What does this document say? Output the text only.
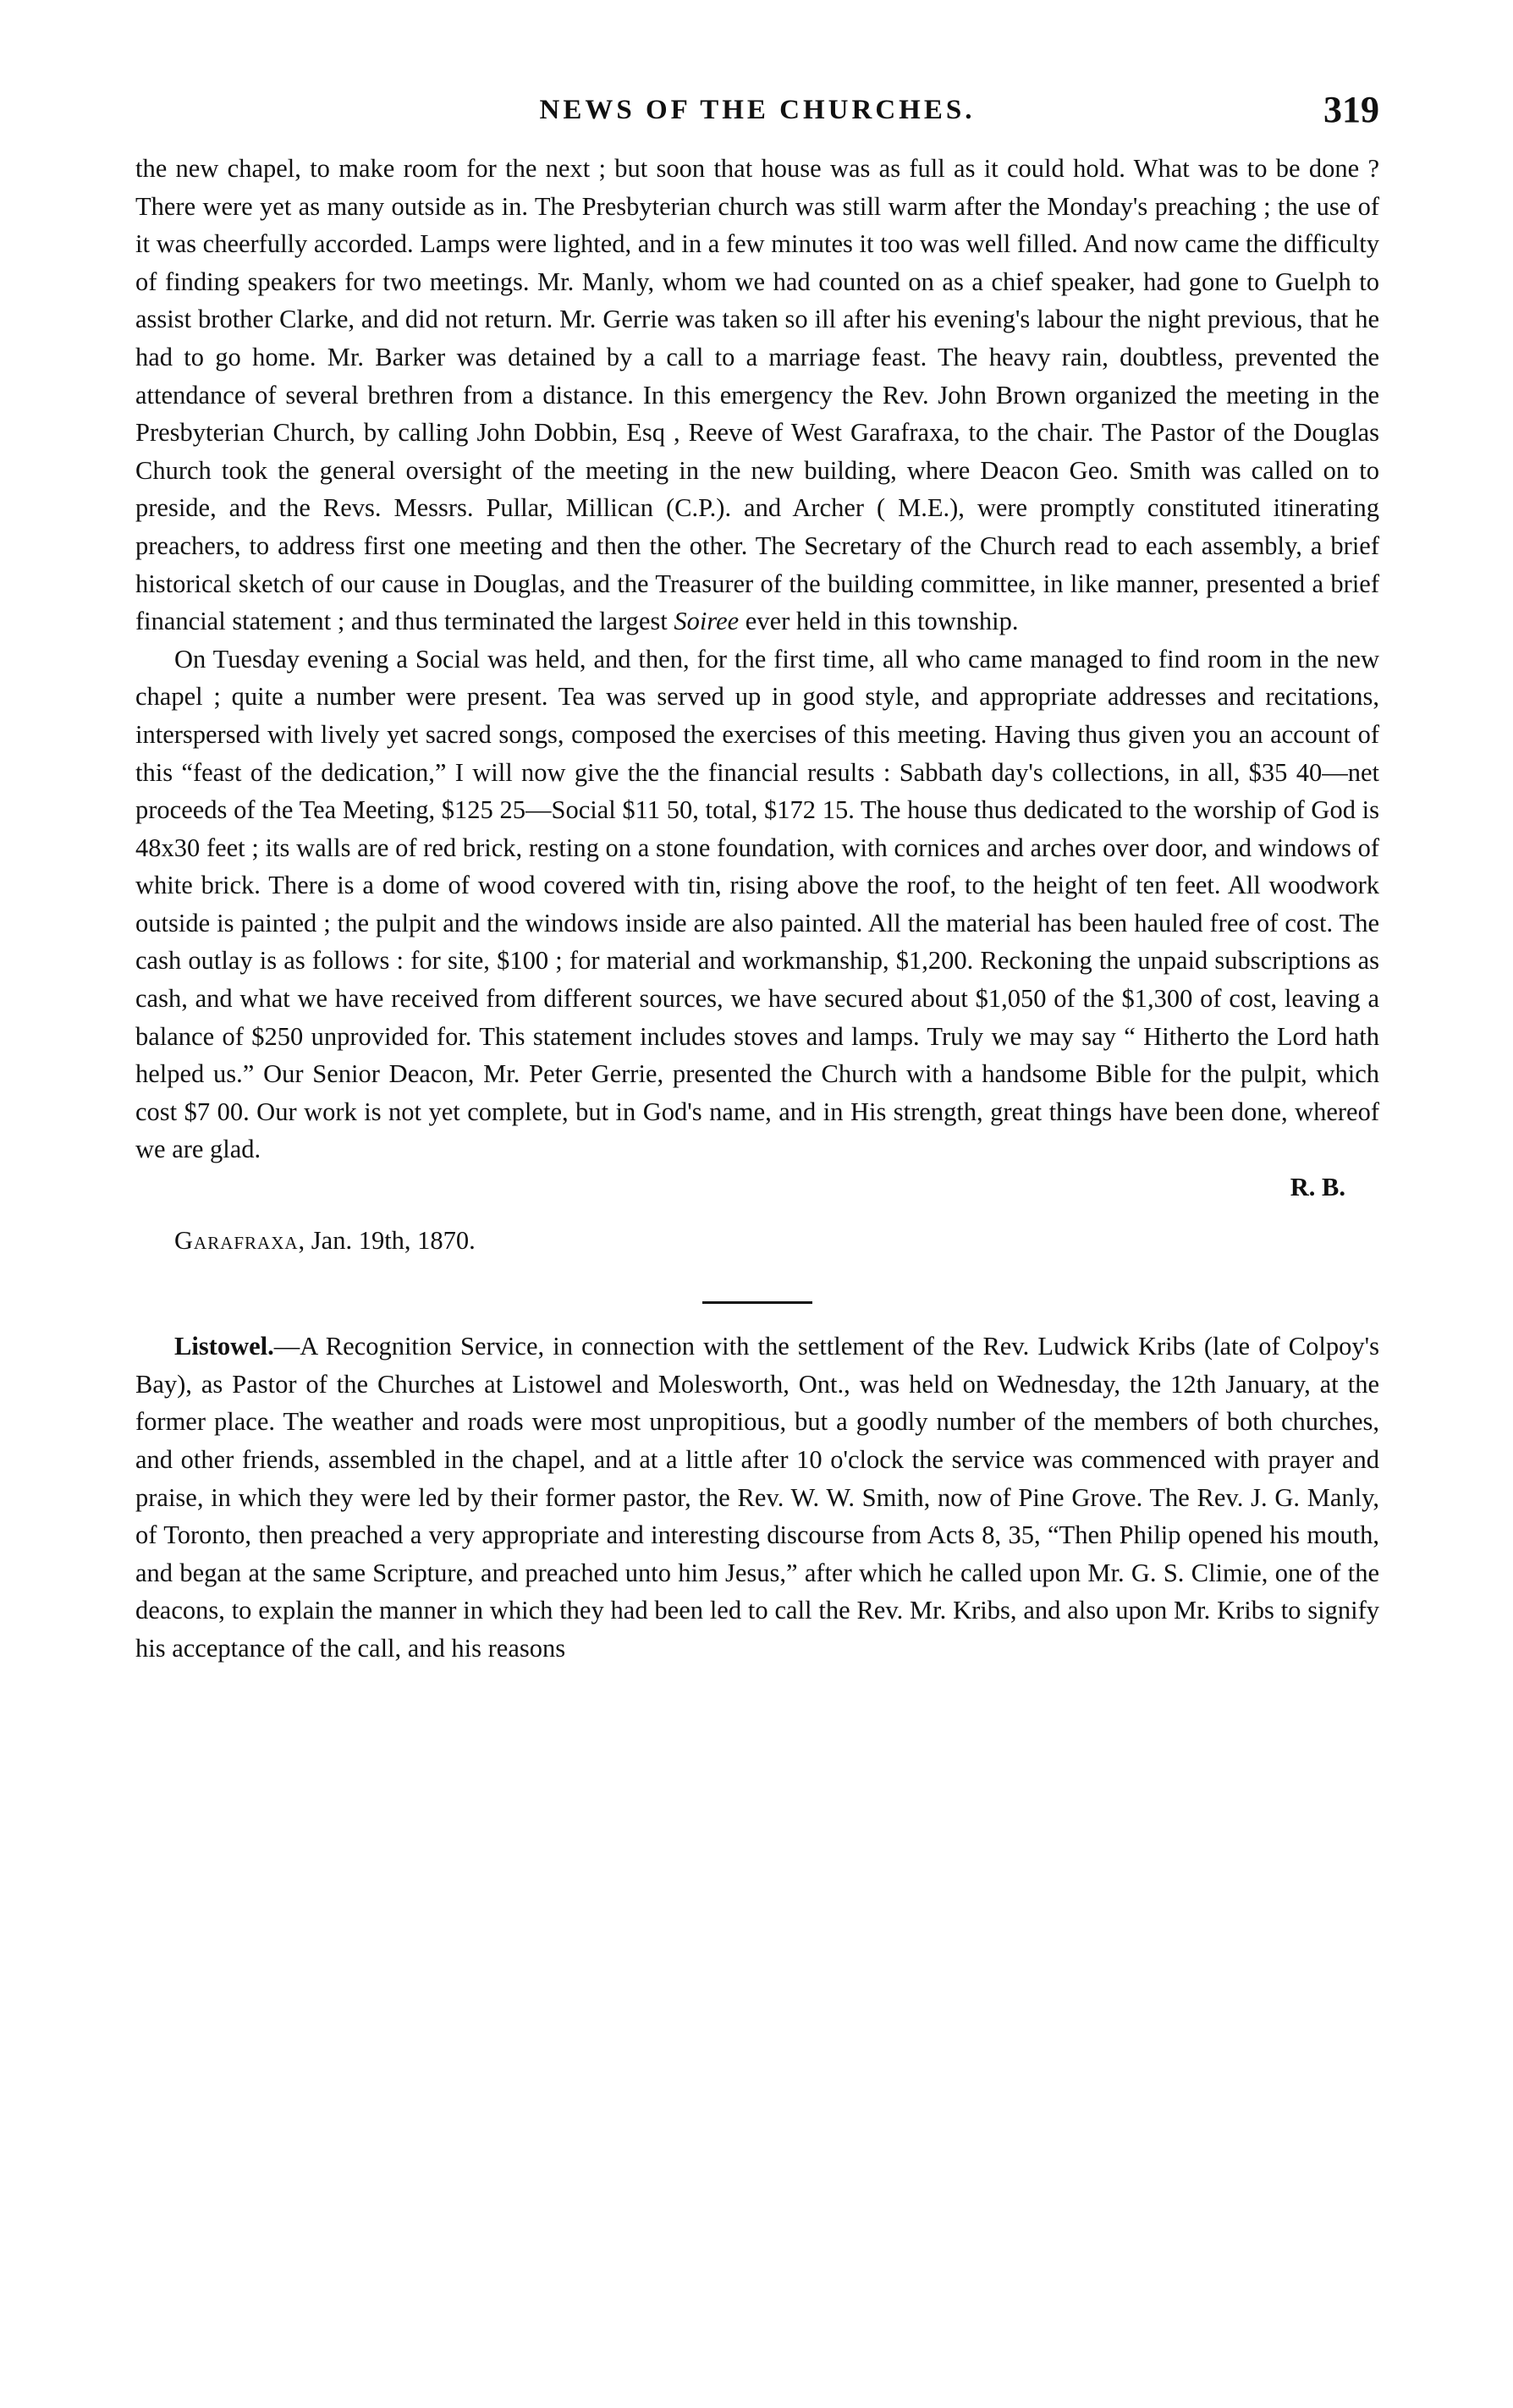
NEWS OF THE CHURCHES.	319

the new chapel, to make room for the next ; but soon that house was as full as it could hold. What was to be done ? There were yet as many outside as in. The Presbyterian church was still warm after the Monday's preaching ; the use of it was cheerfully accorded. Lamps were lighted, and in a few minutes it too was well filled. And now came the difficulty of finding speakers for two meetings. Mr. Manly, whom we had counted on as a chief speaker, had gone to Guelph to assist brother Clarke, and did not return. Mr. Gerrie was taken so ill after his evening's labour the night previous, that he had to go home. Mr. Barker was detained by a call to a marriage feast. The heavy rain, doubtless, prevented the attendance of several brethren from a distance. In this emergency the Rev. John Brown organized the meeting in the Presbyterian Church, by calling John Dobbin, Esq , Reeve of West Garafraxa, to the chair. The Pastor of the Douglas Church took the general oversight of the meeting in the new building, where Deacon Geo. Smith was called on to preside, and the Revs. Messrs. Pullar, Millican (C.P.). and Archer ( M.E.), were promptly constituted itinerating preachers, to address first one meeting and then the other. The Secretary of the Church read to each assembly, a brief historical sketch of our cause in Douglas, and the Treasurer of the building committee, in like manner, presented a brief financial statement ; and thus terminated the largest Soiree ever held in this township.

On Tuesday evening a Social was held, and then, for the first time, all who came managed to find room in the new chapel ; quite a number were present. Tea was served up in good style, and appropriate addresses and recitations, interspersed with lively yet sacred songs, composed the exercises of this meeting. Having thus given you an account of this “feast of the dedication,” I will now give the the financial results : Sabbath day's collections, in all, $35 40—net proceeds of the Tea Meeting, $125 25—Social $11 50, total, $172 15. The house thus dedicated to the worship of God is 48x30 feet ; its walls are of red brick, resting on a stone foundation, with cornices and arches over door, and windows of white brick. There is a dome of wood covered with tin, rising above the roof, to the height of ten feet. All woodwork outside is painted ; the pulpit and the windows inside are also painted. All the material has been hauled free of cost. The cash outlay is as follows : for site, $100 ; for material and workmanship, $1,200. Reckoning the unpaid subscriptions as cash, and what we have received from different sources, we have secured about $1,050 of the $1,300 of cost, leaving a balance of $250 unprovided for. This statement includes stoves and lamps. Truly we may say “ Hitherto the Lord hath helped us.” Our Senior Deacon, Mr. Peter Gerrie, presented the Church with a handsome Bible for the pulpit, which cost $7 00. Our work is not yet complete, but in God's name, and in His strength, great things have been done, whereof we are glad.

R. B.

Garafraxa, Jan. 19th, 1870.

Listowel.—A Recognition Service, in connection with the settlement of the Rev. Ludwick Kribs (late of Colpoy's Bay), as Pastor of the Churches at Listowel and Molesworth, Ont., was held on Wednesday, the 12th January, at the former place. The weather and roads were most unpropitious, but a goodly number of the members of both churches, and other friends, assembled in the chapel, and at a little after 10 o'clock the service was commenced with prayer and praise, in which they were led by their former pastor, the Rev. W. W. Smith, now of Pine Grove. The Rev. J. G. Manly, of Toronto, then preached a very appropriate and interesting discourse from Acts 8, 35, “Then Philip opened his mouth, and began at the same Scripture, and preached unto him Jesus,” after which he called upon Mr. G. S. Climie, one of the deacons, to explain the manner in which they had been led to call the Rev. Mr. Kribs, and also upon Mr. Kribs to signify his acceptance of the call, and his reasons
